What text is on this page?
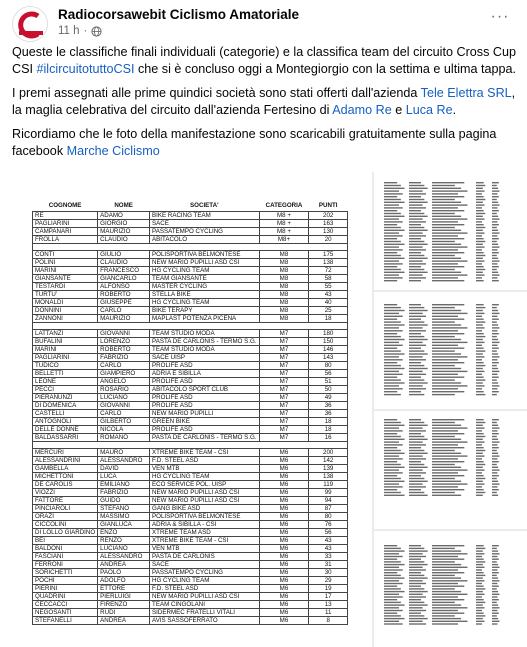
Radiocorsawebit Ciclismo Amatoriale
11 h ·
···

Queste le classifiche finali individuali (categorie) e la classifica team del circuito Cross Cup CSI #ilcircuitotuttoCSI che si è concluso oggi a Montegiorgio con la settima e ultima tappa.

I premi assegnati alle prime quindici società sono stati offerti dall'azienda Tele Elettra SRL, la maglia celebrativa del circuito dall'azienda Fertesino di Adamo Re e Luca Re.

Ricordiamo che le foto della manifestazione sono scaricabili gratuitamente sulla pagina facebook Marche Ciclismo

COGNOME	NOME	SOCIETA'	CATEGORIA	PUNTI
RE	ADAMO	BIKE RACING TEAM	M8 +	202
PAGLIARINI	GIORGIO	SACE	M8 +	163
CAMPANARI	MAURIZIO	PASSATEMPO CYCLING	M8 +	130
FROLLA	CLAUDIO	ABITACOLO	M8+	20

CONTI	GIULIO	POLISPORTIVA BELMONTESE	M8	175
POLINI	CLAUDIO	NEW MARIO PUPILLI ASD CSI	M8	138
MARINI	FRANCESCO	HG CYCLING TEAM	M8	72
GIANSANTE	GIANCARLO	TEAM GIANSANTE	M8	58
TESTARDI	ALFONSO	MASTER CYCLING	M8	55
TURTU'	ROBERTO	STELLA BIKE	M8	43
MONALDI	GIUSEPPE	HG CYCLING TEAM	M8	40
DONNINI	CARLO	BIKE TERAPY	M8	25
ZANNONI	MAURIZIO	MAPLAST POTENZA PICENA	M8	18

LATTANZI	GIOVANNI	TEAM STUDIO MODA	M7	180
BUFALINI	LORENZO	PASTA DE CARLONIS - TERMO S.G.	M7	150
MARINI	ROBERTO	TEAM STUDIO MODA	M7	146
PAGLIARINI	FABRIZIO	SACE UISP	M7	143
TUDICO	CARLO	PROLIFE ASD	M7	80
BELLETTI	GIAMPIERO	ADRIA E SIBILLA	M7	56
LEONE	ANGELO	PROLIFE ASD	M7	51
PECCI	ROSARIO	ABITACOLO SPORT CLUB	M7	50
PIERANUNZI	LUCIANO	PROLIFE ASD	M7	49
DI DOMENICA	GIOVANNI	PROLIFE ASD	M7	36
CASTELLI	CARLO	NEW MARIO PUPILLI	M7	36
ANTOGNOLI	GILBERTO	GREEN BIKE	M7	18
DELLE DONNE	NICOLA	PROLIFE ASD	M7	18
BALDASSARRI	ROMANO	PASTA DE CARLONIS - TERMO S.G.	M7	16

MERCURI	MAURO	XTREME BIKE TEAM - CSI	M6	200
ALESSANDRINI	ALESSANDRO	F.D. STEEL ASD	M6	142
GAMBELLA	DAVID	VEN MTB	M6	139
MICHETTONI	LUCA	HG CYCLING TEAM	M6	138
DE CAROLIS	EMILIANO	ECO SERVICE POL. UISP	M6	119
VIOZZI	FABRIZIO	NEW MARIO PUPILLI ASD CSI	M6	99
FATTORE	GUIDO	NEW MARIO PUPILLI ASD CSI	M6	94
PINCIAROLI	STEFANO	GANG BIKE ASD	M6	87
ORAZI	MASSIMO	POLISPORTIVA BELMONTESE	M6	80
CICCOLINI	GIANLUCA	ADRIA & SIBILLA - CSI	M6	76
DI LOLLO GIARDINO	ENZO	XTREME TEAM ASD	M6	56
BEI	RENZO	XTREME BIKE TEAM - CSI	M6	43
BALDONI	LUCIANO	VEN MTB	M6	43
FASCIANI	ALESSANDRO	PASTA DE CARLONIS	M6	33
FERRONI	ANDREA	SACE	M6	31
SORICHETTI	PAOLO	PASSATEMPO CYCLING	M6	30
POCHI	ADOLFO	HG CYCLING TEAM	M6	29
PIERINI	ETTORE	F.D. STEEL ASD	M6	19
QUADRINI	PIERLUIGI	NEW MARIO PUPILLI ASD CSI	M6	17
CECCACCI	FIRENZO	TEAM CINGOLANI	M6	13
NEGOSANTI	RUDI	SIDERMEC FRATELLI VITALI	M6	11
STEFANELLI	ANDREA	AVIS SASSOFERRATO	M6	8
